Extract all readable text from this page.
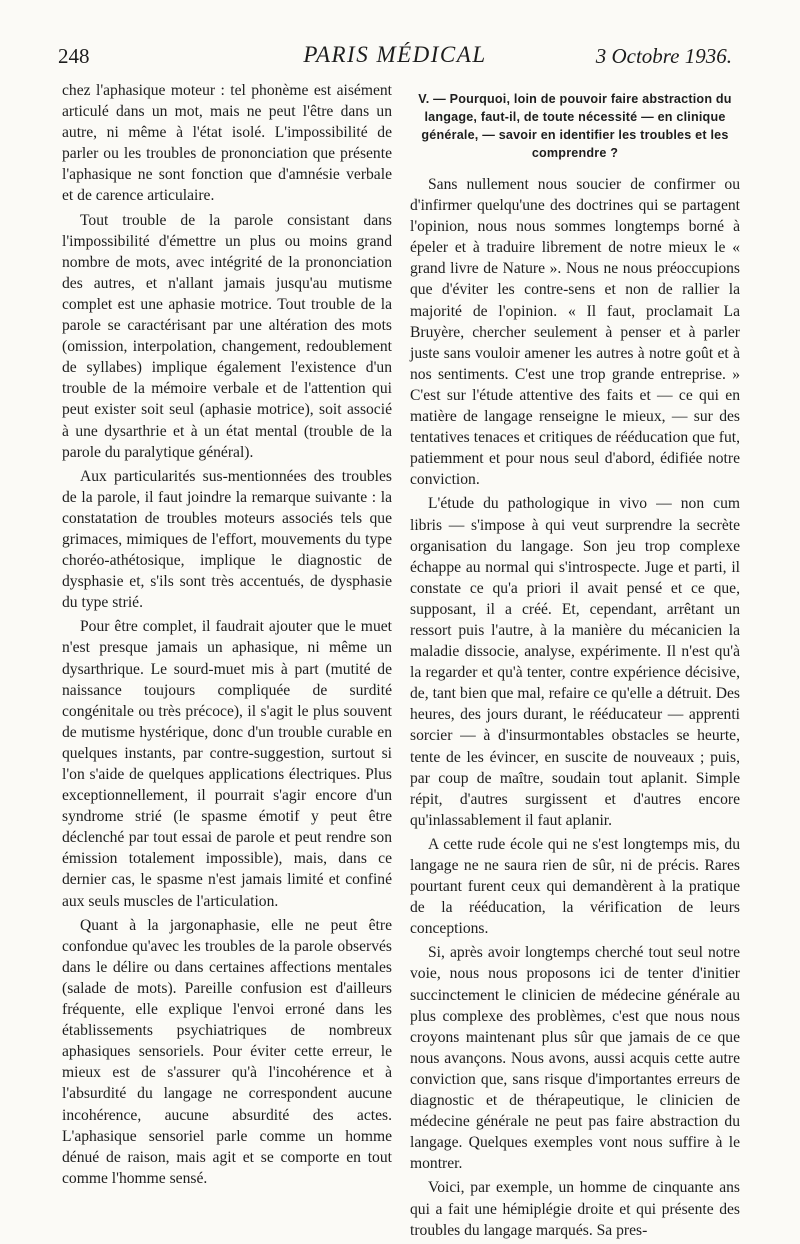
248	PARIS MÉDICAL	3 Octobre 1936.

chez l'aphasique moteur : tel phonème est aisément articulé dans un mot, mais ne peut l'être dans un autre, ni même à l'état isolé. L'impossibilité de parler ou les troubles de prononciation que présente l'aphasique ne sont fonction que d'amnésie verbale et de carence articulaire.

Tout trouble de la parole consistant dans l'impossibilité d'émettre un plus ou moins grand nombre de mots, avec intégrité de la prononciation des autres, et n'allant jamais jusqu'au mutisme complet est une aphasie motrice. Tout trouble de la parole se caractérisant par une altération des mots (omission, interpolation, changement, redoublement de syllabes) implique également l'existence d'un trouble de la mémoire verbale et de l'attention qui peut exister soit seul (aphasie motrice), soit associé à une dysarthrie et à un état mental (trouble de la parole du paralytique général).

Aux particularités sus-mentionnées des troubles de la parole, il faut joindre la remarque suivante : la constatation de troubles moteurs associés tels que grimaces, mimiques de l'effort, mouvements du type choréo-athétosique, implique le diagnostic de dysphasie et, s'ils sont très accentués, de dysphasie du type strié.

Pour être complet, il faudrait ajouter que le muet n'est presque jamais un aphasique, ni même un dysarthrique. Le sourd-muet mis à part (mutité de naissance toujours compliquée de surdité congénitale ou très précoce), il s'agit le plus souvent de mutisme hystérique, donc d'un trouble curable en quelques instants, par contre-suggestion, surtout si l'on s'aide de quelques applications électriques. Plus exceptionnellement, il pourrait s'agir encore d'un syndrome strié (le spasme émotif y peut être déclenché par tout essai de parole et peut rendre son émission totalement impossible), mais, dans ce dernier cas, le spasme n'est jamais limité et confiné aux seuls muscles de l'articulation.

Quant à la jargonaphasie, elle ne peut être confondue qu'avec les troubles de la parole observés dans le délire ou dans certaines affections mentales (salade de mots). Pareille confusion est d'ailleurs fréquente, elle explique l'envoi erroné dans les établissements psychiatriques de nombreux aphasiques sensoriels. Pour éviter cette erreur, le mieux est de s'assurer qu'à l'incohérence et à l'absurdité du langage ne correspondent aucune incohérence, aucune absurdité des actes. L'aphasique sensoriel parle comme un homme dénué de raison, mais agit et se comporte en tout comme l'homme sensé.

V. — Pourquoi, loin de pouvoir faire abstraction du langage, faut-il, de toute nécessité — en clinique générale, — savoir en identifier les troubles et les comprendre ?

Sans nullement nous soucier de confirmer ou d'infirmer quelqu'une des doctrines qui se partagent l'opinion, nous nous sommes longtemps borné à épeler et à traduire librement de notre mieux le « grand livre de Nature ». Nous ne nous préoccupions que d'éviter les contre-sens et non de rallier la majorité de l'opinion. « Il faut, proclamait La Bruyère, chercher seulement à penser et à parler juste sans vouloir amener les autres à notre goût et à nos sentiments. C'est une trop grande entreprise. » C'est sur l'étude attentive des faits et — ce qui en matière de langage renseigne le mieux, — sur des tentatives tenaces et critiques de rééducation que fut, patiemment et pour nous seul d'abord, édifiée notre conviction.

L'étude du pathologique in vivo — non cum libris — s'impose à qui veut surprendre la secrète organisation du langage. Son jeu trop complexe échappe au normal qui s'introspecte. Juge et parti, il constate ce qu'a priori il avait pensé et ce que, supposant, il a créé. Et, cependant, arrêtant un ressort puis l'autre, à la manière du mécanicien la maladie dissocie, analyse, expérimente. Il n'est qu'à la regarder et qu'à tenter, contre expérience décisive, de, tant bien que mal, refaire ce qu'elle a détruit. Des heures, des jours durant, le rééducateur — apprenti sorcier — à d'insurmontables obstacles se heurte, tente de les évincer, en suscite de nouveaux ; puis, par coup de maître, soudain tout aplanit. Simple répit, d'autres surgissent et d'autres encore qu'inlassablement il faut aplanir.

A cette rude école qui ne s'est longtemps mis, du langage ne ne saura rien de sûr, ni de précis. Rares pourtant furent ceux qui demandèrent à la pratique de la rééducation, la vérification de leurs conceptions.

Si, après avoir longtemps cherché tout seul notre voie, nous nous proposons ici de tenter d'initier succinctement le clinicien de médecine générale au plus complexe des problèmes, c'est que nous nous croyons maintenant plus sûr que jamais de ce que nous avançons. Nous avons, aussi acquis cette autre conviction que, sans risque d'importantes erreurs de diagnostic et de thérapeutique, le clinicien de médecine générale ne peut pas faire abstraction du langage. Quelques exemples vont nous suffire à le montrer.

Voici, par exemple, un homme de cinquante ans qui a fait une hémiplégie droite et qui présente des troubles du langage marqués. Sa pres-
